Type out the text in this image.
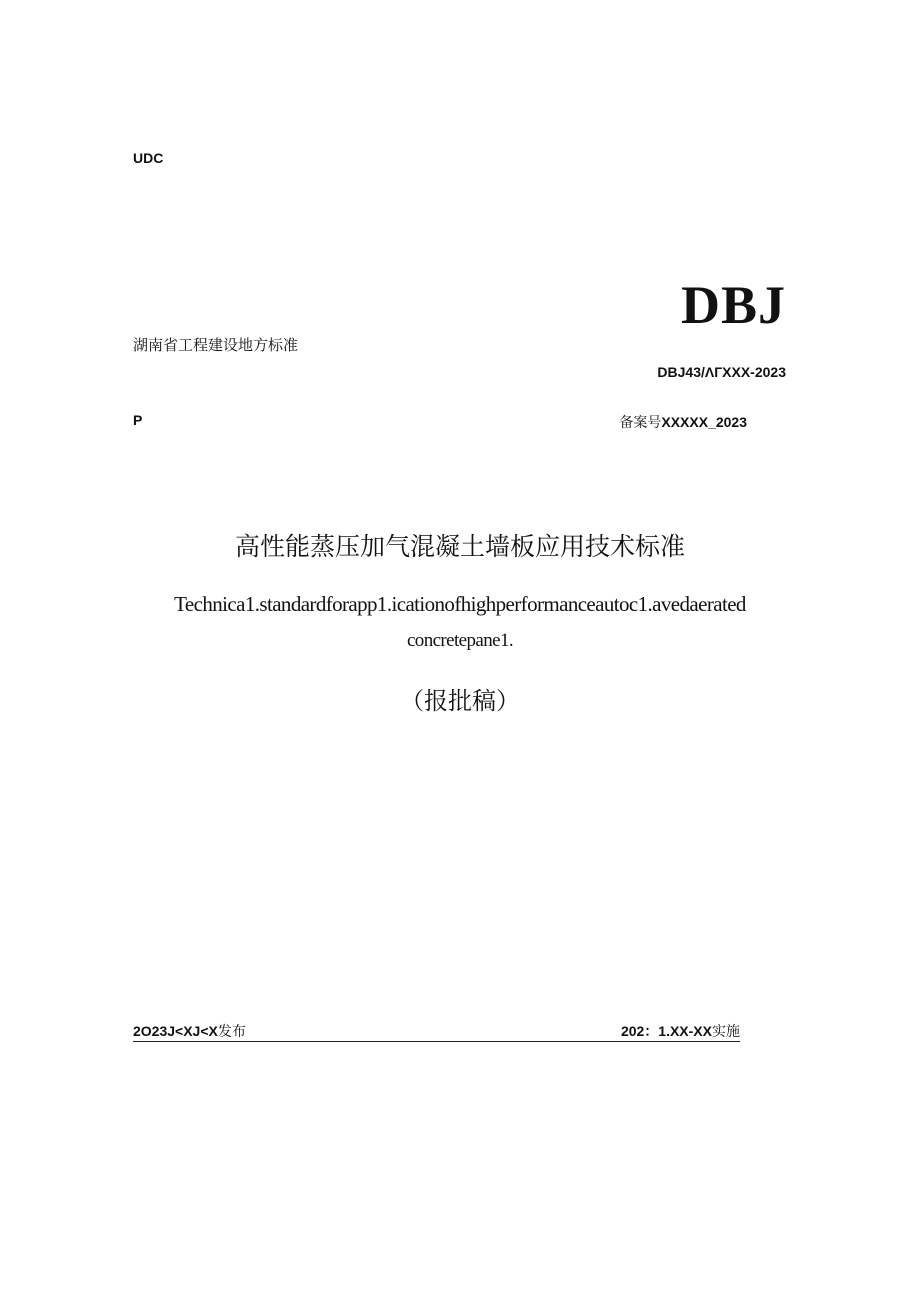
UDC
DBJ
湖南省工程建设地方标准
DBJ43/ΛГXXX-2023
P	备案号XXXXX_2023
高性能蒸压加气混凝土墙板应用技术标准
Technica1.standardforapp1.icationofhighperformanceautoc1.avedaerated
concretepane1.
（报批稿）
2O23J<XJ<X发布	202：1.XX-XX实施
